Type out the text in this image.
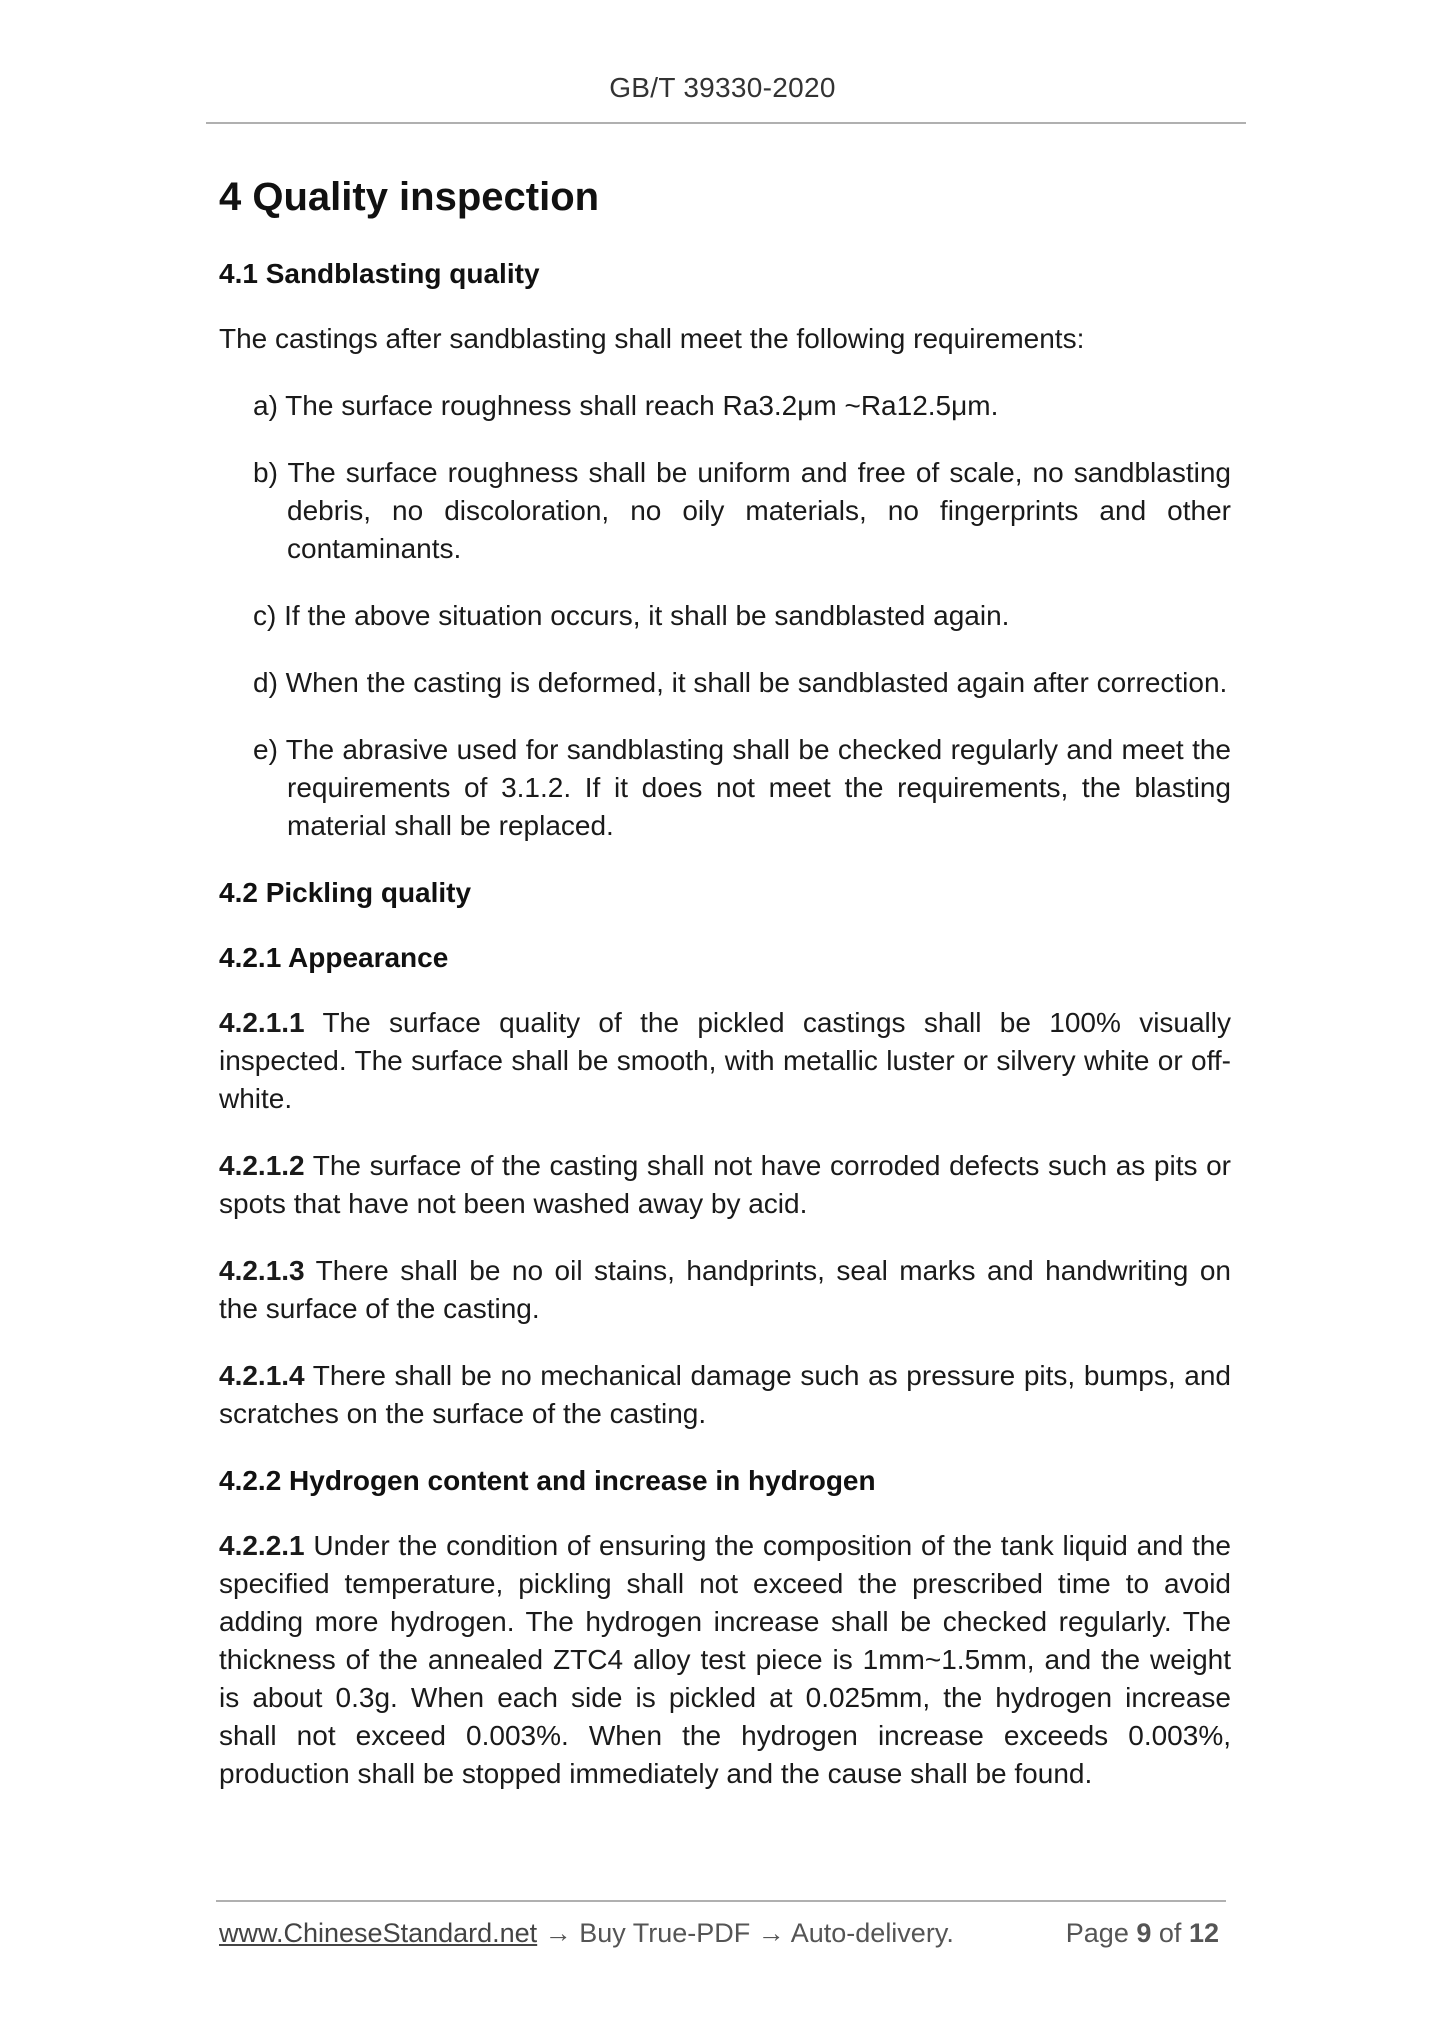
GB/T 39330-2020
4 Quality inspection
4.1 Sandblasting quality

The castings after sandblasting shall meet the following requirements:

a) The surface roughness shall reach Ra3.2μm ~Ra12.5μm.
b) The surface roughness shall be uniform and free of scale, no sandblasting debris, no discoloration, no oily materials, no fingerprints and other contaminants.
c) If the above situation occurs, it shall be sandblasted again.
d) When the casting is deformed, it shall be sandblasted again after correction.
e) The abrasive used for sandblasting shall be checked regularly and meet the requirements of 3.1.2. If it does not meet the requirements, the blasting material shall be replaced.
4.2 Pickling quality
4.2.1 Appearance

4.2.1.1 The surface quality of the pickled castings shall be 100% visually inspected. The surface shall be smooth, with metallic luster or silvery white or off-white.

4.2.1.2 The surface of the casting shall not have corroded defects such as pits or spots that have not been washed away by acid.

4.2.1.3 There shall be no oil stains, handprints, seal marks and handwriting on the surface of the casting.

4.2.1.4 There shall be no mechanical damage such as pressure pits, bumps, and scratches on the surface of the casting.

4.2.2 Hydrogen content and increase in hydrogen

4.2.2.1 Under the condition of ensuring the composition of the tank liquid and the specified temperature, pickling shall not exceed the prescribed time to avoid adding more hydrogen. The hydrogen increase shall be checked regularly. The thickness of the annealed ZTC4 alloy test piece is 1mm~1.5mm, and the weight is about 0.3g. When each side is pickled at 0.025mm, the hydrogen increase shall not exceed 0.003%. When the hydrogen increase exceeds 0.003%, production shall be stopped immediately and the cause shall be found.

www.ChineseStandard.net → Buy True-PDF → Auto-delivery.	Page 9 of 12
